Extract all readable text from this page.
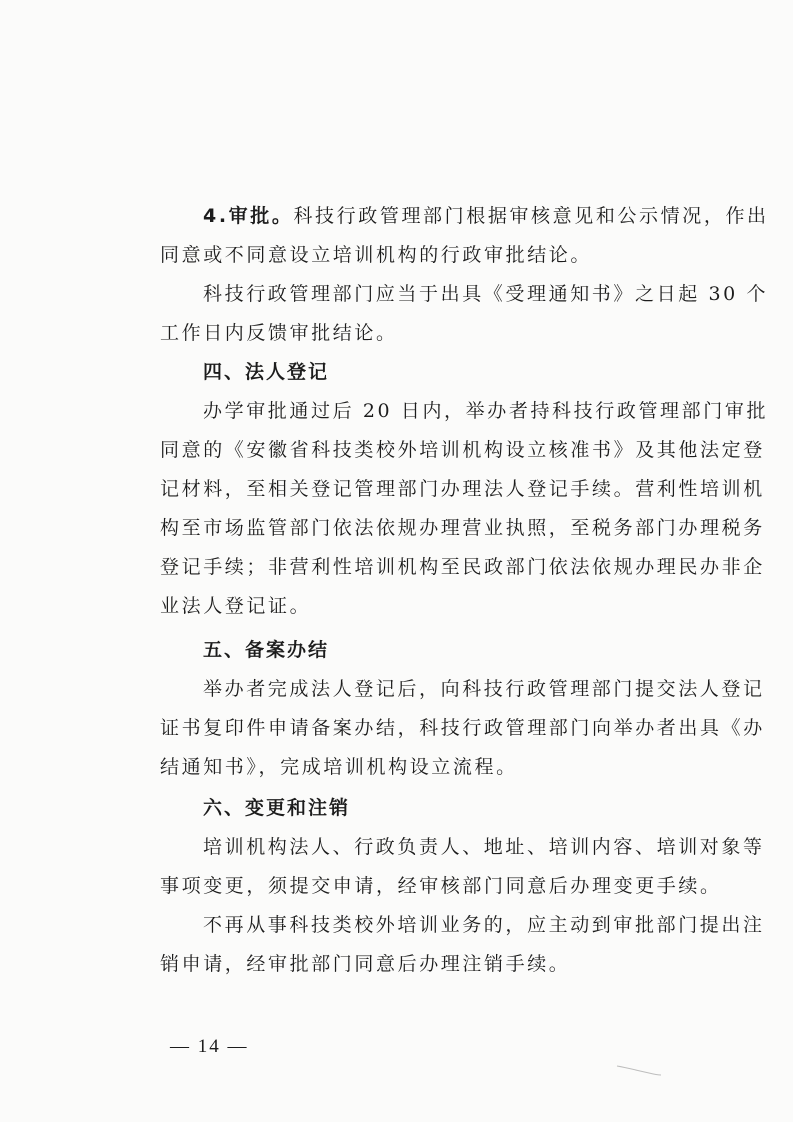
4.审批。科技行政管理部门根据审核意见和公示情况，作出
同意或不同意设立培训机构的行政审批结论。
科技行政管理部门应当于出具《受理通知书》之日起 30 个
工作日内反馈审批结论。
四、法人登记
办学审批通过后 20 日内，举办者持科技行政管理部门审批
同意的《安徽省科技类校外培训机构设立核准书》及其他法定登
记材料，至相关登记管理部门办理法人登记手续。营利性培训机
构至市场监管部门依法依规办理营业执照，至税务部门办理税务
登记手续；非营利性培训机构至民政部门依法依规办理民办非企
业法人登记证。
五、备案办结
举办者完成法人登记后，向科技行政管理部门提交法人登记
证书复印件申请备案办结，科技行政管理部门向举办者出具《办
结通知书》，完成培训机构设立流程。
六、变更和注销
培训机构法人、行政负责人、地址、培训内容、培训对象等
事项变更，须提交申请，经审核部门同意后办理变更手续。
不再从事科技类校外培训业务的，应主动到审批部门提出注
销申请，经审批部门同意后办理注销手续。
— 14 —
